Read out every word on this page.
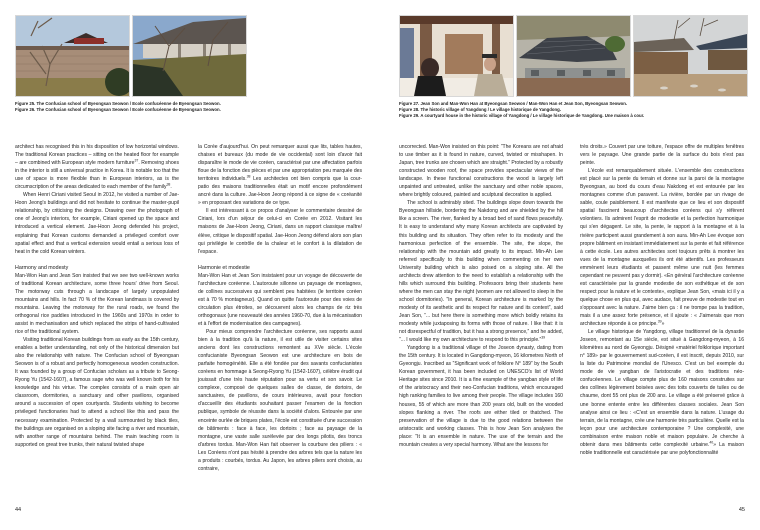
Figure 25. The Confucian school of Byeongsan Seowon / Ecole confucéenne de Byeongsan Seowon.
Figure 26. The Confucian school of Byeongsan Seowon / Ecole confucéenne de Byeongsan Seowon.

architect has recognised this in his disposition of low horizontal windows. The traditional Korean practices – sitting on the heated floor for example – are combined with European style modern furniture$^{37}$. Removing shoes in the interior is still a universal practice in Korea. It is notable too that the use of space is more flexible than in European interiors, as is the circumscription of the areas dedicated to each member of the family$^{38}$.

When Henri Ciriani visited Seoul in 2012, he visited a number of Jae-Hoon Jeong's buildings and did not hesitate to continue the master-pupil relationship, by criticising the designs. Drawing over the photograph of one of Jeong's interiors, for example, Ciriani opened up the space and introduced a vertical element. Jae-Hoon Jeong defended his project, explaining that Korean customs demanded a privileged comfort over spatial effect and that a vertical extension would entail a serious loss of heat in the cold Korean winters.

Harmony and modesty

Man-Won Han and Jean Son insisted that we see two well-known works of traditional Korean architecture, some three hours' drive from Seoul. The motorway cuts through a landscape of largely unpopulated mountains and hills. In fact 70 % of the Korean landmass is covered by mountains. Leaving the motorway for the rural roads, we found the orthogonal rice paddies introduced in the 1960s and 1970s in order to assist in mechanisation and which replaced the strips of hand-cultivated rice of the traditional system.

Visiting traditional Korean buildings from as early as the 15th century, enables a better understanding, not only of the historical dimension but also the relationship with nature. The Confucian school of Byeongsan Seowon is of a robust and perfectly homogeneous wooden construction. It was founded by a group of Confucian scholars as a tribute to Seong-Ryong Yu (1542-1607), a famous sage who was well known both for his knowledge and his virtue. The complex consists of a main open air classroom, dormitories, a sanctuary and other pavilions, organised around a succession of open courtyards. Students wishing to become privileged functionaries had to attend a school like this and pass the necessary examination. Protected by a wall surmounted by black tiles, the buildings are organised on a sloping site facing a river and mountain, with another range of mountains behind. The main teaching room is supported on great tree trunks, their natural twisted shape

la Corée d'aujourd'hui. On peut remarquer aussi que lits, tables hautes, chaises et bureaux (du mode de vie occidental) sont loin d'avoir fait disparaître le mode de vie coréen, caractérisé par une affectation parfois floue de la fonction des pièces et par une appropriation peu marquée des territoires individuels.$^{38}$ Les architectes ont bien compris que la cour-patio des maisons traditionnelles était un motif encore profondément ancré dans la culture. Jae-Hoon Jeong répond à ce signe de « coréanité » en proposant des variations de ce type.

Il est intéressant à ce propos d'analyser le commentaire dessiné de Ciriani, lors d'un séjour de celui-ci en Corée en 2012. Visitant les maisons de Jae-Hoon Jeong, Ciriani, dans un rapport classique maître/élève, critique le dispositif spatial. Jae-Hoon Jeong défend alors son plan qui privilégie le contrôle de la chaleur et le confort à la dilatation de l'espace.

Harmonie et modestie

Man-Won Han et Jean Son insistaient pour un voyage de découverte de l'architecture coréenne. L'autoroute sillonne un paysage de montagnes, de collines successives qui semblent peu habitées (le territoire coréen est à 70 % montagneux). Quand on quitte l'autoroute pour des voies de circulation plus étroites, se découvrent alors les champs de riz très orthogonaux (une nouveauté des années 1960-70, due à la mécanisation et à l'effort de modernisation des campagnes).

Pour mieux comprendre l'architecture coréenne, ses rapports aussi bien à la tradition qu'à la nature, il est utile de visiter certains sites anciens dont les constructions remontent au XVe siècle. L'école confucianiste Byeongsan Seowon est une architecture en bois de parfaite homogénéité. Elle a été fondée par des savants confucianistes coréens en hommage à Seong-Ryong Yu (1542-1607), célèbre érudit qui jouissait d'une très haute réputation pour sa vertu et son savoir. Le complexe, composé de quelques salles de classe, de dortoirs, de sanctuaires, de pavillons, de cours intérieures, avait pour fonction d'accueillir des étudiants souhaitant passer l'examen de la fonction publique, symbole de réussite dans la société d'alors. Entourée par une enceinte ourlée de briques plates, l'école est constituée d'une succession de bâtiments : face à face, les dortoirs ; face au paysage de la montagne, une vaste salle surélevée par des longs pilotis, des troncs d'arbres tordus. Man-Won Han fait observer la courbure des piliers : « Les Coréens n'ont pas hésité à prendre des arbres tels que la nature les a produits : courbés, tordus. Au Japon, les arbres piliers sont choisis, au contraire,

44
Figure 27. Jean Son and Man-Won Han at Byeongsan Seowon / Man-Won Han et Jean Son, Byeongsan Seowon.
Figure 28. The historic village of Yangdong / Le village historique de Yangdong.
Figure 29. A courtyard house in the historic village of Yangdong / Le village historique de Yangdong. Une maison à cour.

uncorrected. Man-Won insisted on this point: “The Koreans are not afraid to use timber as it is found in nature, curved, twisted or misshapen. In Japan, tree trunks are chosen which are straight.” Protected by a robustly constructed wooden roof, the space provides spectacular views of the landscape. In these functional constructions the wood is largely left unpainted and untreated, unlike the sanctuary and other noble spaces, where brightly coloured, painted and sculptural decoration is applied.

The school is admirably sited. The buildings slope down towards the Byeongsan hillside, bordering the Nakdong and are shielded by the hill like a screen. The river, flanked by a broad bed of sand flows peacefully. It is easy to understand why many Korean architects are captivated by this building and its situation. They often refer to its modesty and the harmonious perfection of the ensemble. The site, the slope, the relationship with the mountain add greatly to its impact. Min-Ah Lee referred specifically to this building when commenting on her own University building which is also poised on a sloping site. All the architects drew attention to the need to establish a relationship with the hills which surround this building. Professors bring their students here where the men can stay the night (women are not allowed to sleep in the school dormitories). “In general, Korean architecture is marked by the modesty of its aesthetic and its respect for nature and its context”, said Jean Son, “... but here there is something more which boldly retains its modesty while juxtaposing its forms with those of nature. I like that: it is not disrespectful of tradition, but it has a strong presence,” and he added, “... I would like my own architecture to respond to this principle.”$^{39}$

Yangdong is a traditional village of the Joseon dynasty, dating from the 15th century. It is located in Gangdong-myeon, 16 kilometres North of Gyeongju. Inscribed as “Significant work of folklore N° 189” by the South Korean government, it has been included on UNESCO's list of World Heritage sites since 2010. It is a fine example of the yangban style of life of the aristocracy and their neo-Confucian traditions, which encouraged high ranking families to live among their people. The village includes 160 houses, 55 of which are more than 200 years old, built on the wooded slopes flanking a river. The roofs are either tiled or thatched. The preservation of the village is due to the good relations between the aristocratic and working classes. This is how Jean Son analyses the place: “It is an ensemble in nature. The use of the terrain and the mountain creates a very special harmony. What are the lessons for

très droits.» Couvert par une toiture, l'espace offre de multiples fenêtres vers le paysage. Une grande partie de la surface du bois n'est pas peinte.

L'école est remarquablement située. L'ensemble des constructions est placé sur la pente du terrain et donne sur la paroi de la montagne Byeongsan, au bord du cours d'eau Nakdong et est entourée par les montagnes comme d'un paravent. La rivière, bordée par un rivage de sable, coule paisiblement. Il est manifeste que ce lieu et son dispositif spatial fascinent beaucoup d'architectes coréens qui s'y réfèrent volontiers. Ils admirent l'esprit de modestie et la perfection harmonique qui s'en dégagent. Le site, la pente, le rapport à la montagne et à la rivière participent aussi grandement à son aura. Min-Ah Lee évoque son propre bâtiment en insistant immédiatement sur la pente et fait référence à cette école. Les autres architectes sont toujours prêts à montrer les vues de la montagne auxquelles ils ont été attentifs. Les professeurs emmènent leurs étudiants et passent même une nuit (les femmes cependant ne peuvent pas y dormir). «En général l'architecture coréenne est caractérisée par la grande modestie de son esthétique et de son respect pour la nature et le contexte», explique Jean Son, «mais ici il y a quelque chose en plus qui, avec audace, fait preuve de modestie tout en s'opposant avec la nature. J'aime bien ça : il ne trompe pas la tradition, mais il a une assez forte présence, et il ajoute : « J'aimerais que mon architecture réponde à ce principe.$^{39}$»

Le village historique de Yangdong, village traditionnel de la dynastie Joseon, remontant au 15e siècle, est situé à Gangdong-myeon, à 16 kilomètres au nord de Gyeongju. Désigné «matériel folklorique important n° 189» par le gouvernement sud-coréen, il est inscrit, depuis 2010, sur la liste du Patrimoine mondial de l'Unesco. C'est un bel exemple du mode de vie yangban de l'aristocratie et des traditions néo-confucéennes. Le village compte plus de 160 maisons construites sur des collines légèrement boisées avec des toits couverts de tuiles ou de chaume, dont 55 ont plus de 200 ans. Le village a été préservé grâce à une bonne entente entre les différentes classes sociales. Jean Son analyse ainsi ce lieu : «C'est un ensemble dans la nature. L'usage du terrain, de la montagne, crée une harmonie très particulière. Quelle est la leçon pour une architecture contemporaine ? Une complexité, une combinaison entre maison noble et maison populaire. Je cherche à obtenir dans mes bâtiments cette complexité urbaine.$^{40}$» La maison noble traditionnelle est caractérisée par une polyfonctionnalité

45
